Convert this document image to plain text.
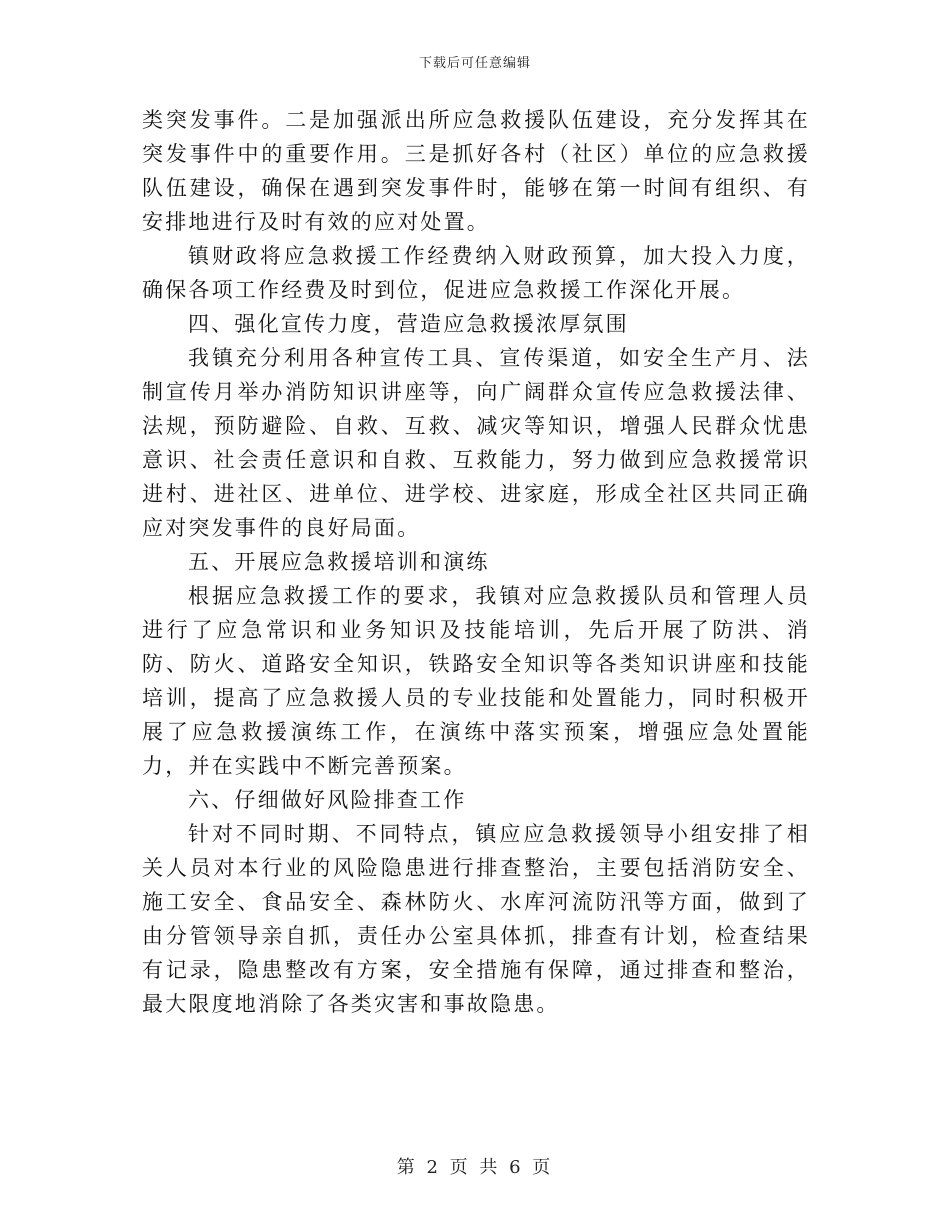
下载后可任意编辑

类突发事件。二是加强派出所应急救援队伍建设，充分发挥其在突发事件中的重要作用。三是抓好各村（社区）单位的应急救援队伍建设，确保在遇到突发事件时，能够在第一时间有组织、有安排地进行及时有效的应对处置。

镇财政将应急救援工作经费纳入财政预算，加大投入力度，确保各项工作经费及时到位，促进应急救援工作深化开展。

四、强化宣传力度，营造应急救援浓厚氛围

我镇充分利用各种宣传工具、宣传渠道，如安全生产月、法制宣传月举办消防知识讲座等，向广阔群众宣传应急救援法律、法规，预防避险、自救、互救、减灾等知识，增强人民群众忧患意识、社会责任意识和自救、互救能力，努力做到应急救援常识进村、进社区、进单位、进学校、进家庭，形成全社区共同正确应对突发事件的良好局面。

五、开展应急救援培训和演练

根据应急救援工作的要求，我镇对应急救援队员和管理人员进行了应急常识和业务知识及技能培训，先后开展了防洪、消防、防火、道路安全知识，铁路安全知识等各类知识讲座和技能培训，提高了应急救援人员的专业技能和处置能力，同时积极开展了应急救援演练工作，在演练中落实预案，增强应急处置能力，并在实践中不断完善预案。

六、仔细做好风险排查工作

针对不同时期、不同特点，镇应应急救援领导小组安排了相关人员对本行业的风险隐患进行排查整治，主要包括消防安全、施工安全、食品安全、森林防火、水库河流防汛等方面，做到了由分管领导亲自抓，责任办公室具体抓，排查有计划，检查结果有记录，隐患整改有方案，安全措施有保障，通过排查和整治，最大限度地消除了各类灾害和事故隐患。

第 2 页 共 6 页
